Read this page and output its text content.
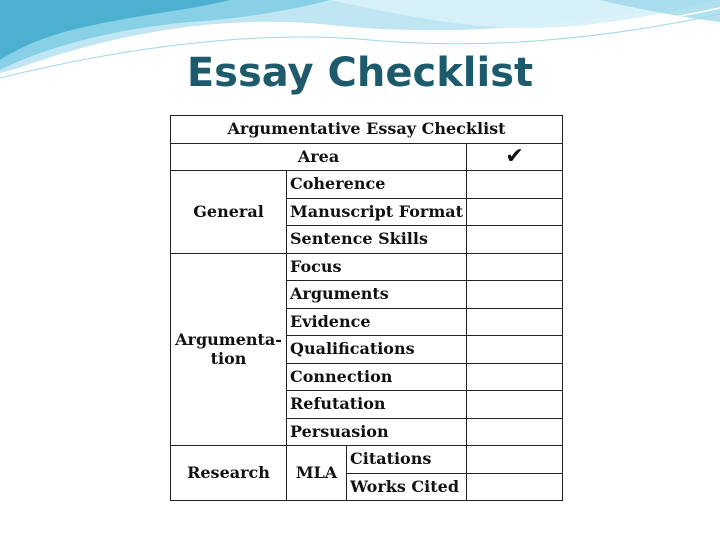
Essay Checklist
Argumentative Essay Checklist			
Area			✔
General	Coherence		
	Manuscript Format		
	Sentence Skills		
Argumenta-
tion	Focus		
	Arguments		
	Evidence		
	Qualifications		
	Connection		
	Refutation		
	Persuasion		
Research	MLA	Citations	
		Works Cited	
